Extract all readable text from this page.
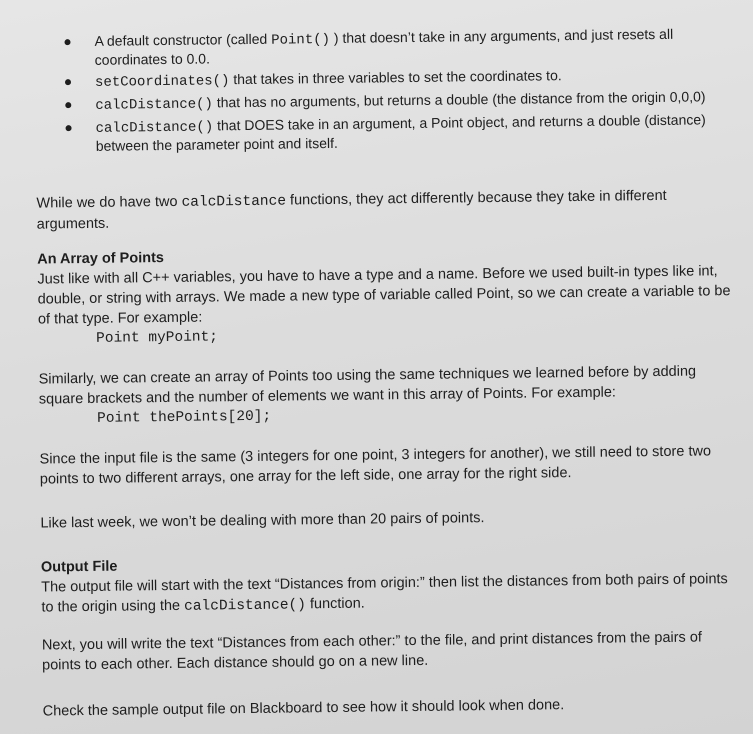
A default constructor (called Point() ) that doesn’t take in any arguments, and just resets all coordinates to 0.0.
setCoordinates() that takes in three variables to set the coordinates to.
calcDistance() that has no arguments, but returns a double (the distance from the origin 0,0,0)
calcDistance() that DOES take in an argument, a Point object, and returns a double (distance) between the parameter point and itself.

While we do have two calcDistance functions, they act differently because they take in different arguments.

An Array of Points

Just like with all C++ variables, you have to have a type and a name. Before we used built-in types like int, double, or string with arrays. We made a new type of variable called Point, so we can create a variable to be of that type. For example:

Point myPoint;

Similarly, we can create an array of Points too using the same techniques we learned before by adding square brackets and the number of elements we want in this array of Points. For example:

Point thePoints[20];

Since the input file is the same (3 integers for one point, 3 integers for another), we still need to store two points to two different arrays, one array for the left side, one array for the right side.

Like last week, we won’t be dealing with more than 20 pairs of points.

Output File

The output file will start with the text “Distances from origin:” then list the distances from both pairs of points to the origin using the calcDistance() function.

Next, you will write the text “Distances from each other:” to the file, and print distances from the pairs of points to each other. Each distance should go on a new line.

Check the sample output file on Blackboard to see how it should look when done.
